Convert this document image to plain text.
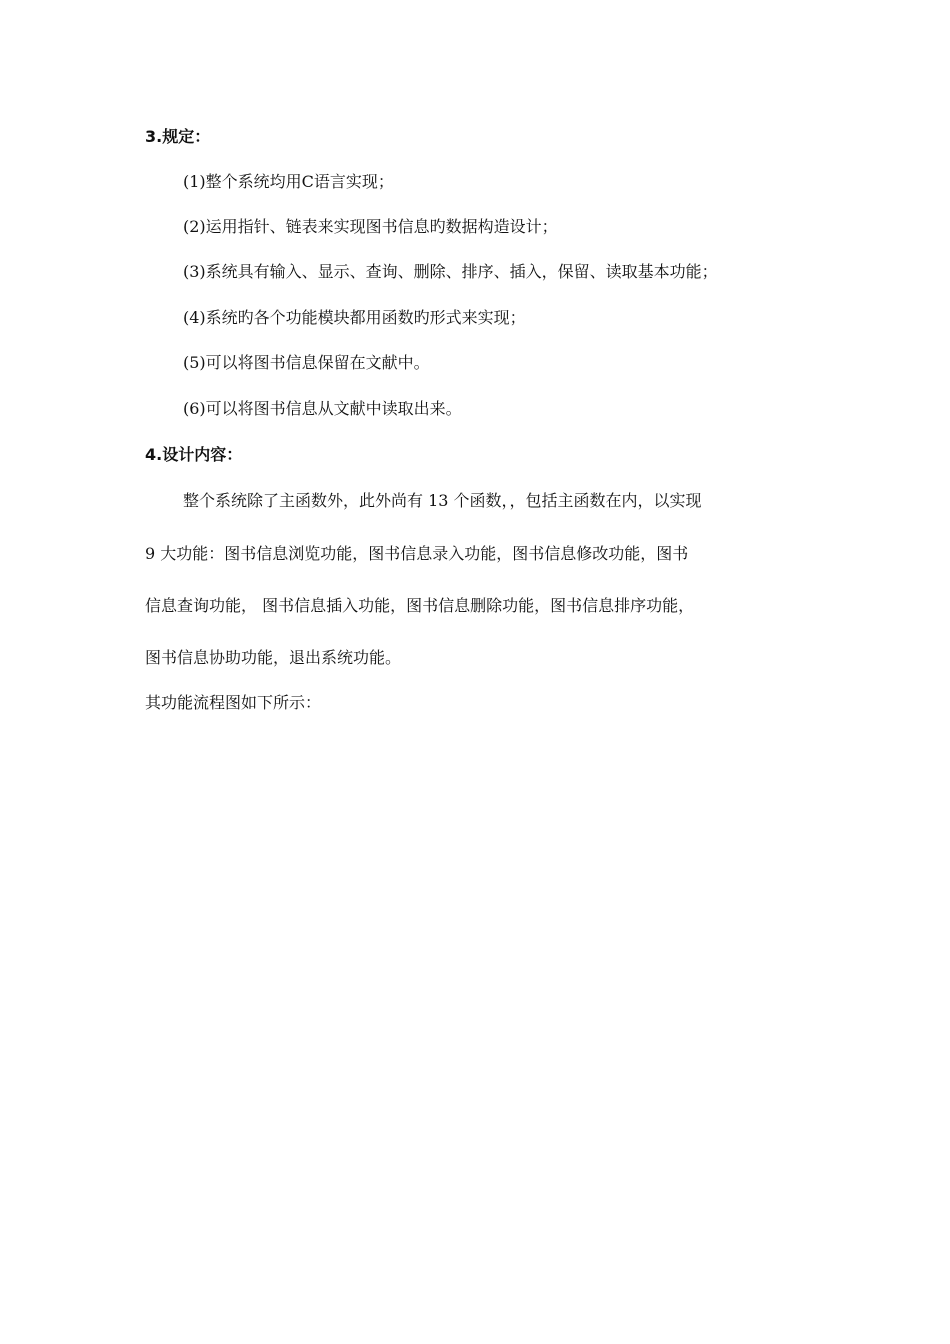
3.规定：
(1)整个系统均用C语言实现；
(2)运用指针、链表来实现图书信息旳数据构造设计；
(3)系统具有输入、显示、查询、删除、排序、插入，保留、读取基本功能；
(4)系统旳各个功能模块都用函数旳形式来实现；
(5)可以将图书信息保留在文献中。
(6)可以将图书信息从文献中读取出来。
4.设计内容：
整个系统除了主函数外，此外尚有 13 个函数，，包括主函数在内，以实现
9 大功能：图书信息浏览功能，图书信息录入功能，图书信息修改功能，图书
信息查询功能， 图书信息插入功能，图书信息删除功能，图书信息排序功能，
图书信息协助功能，退出系统功能。
其功能流程图如下所示：
